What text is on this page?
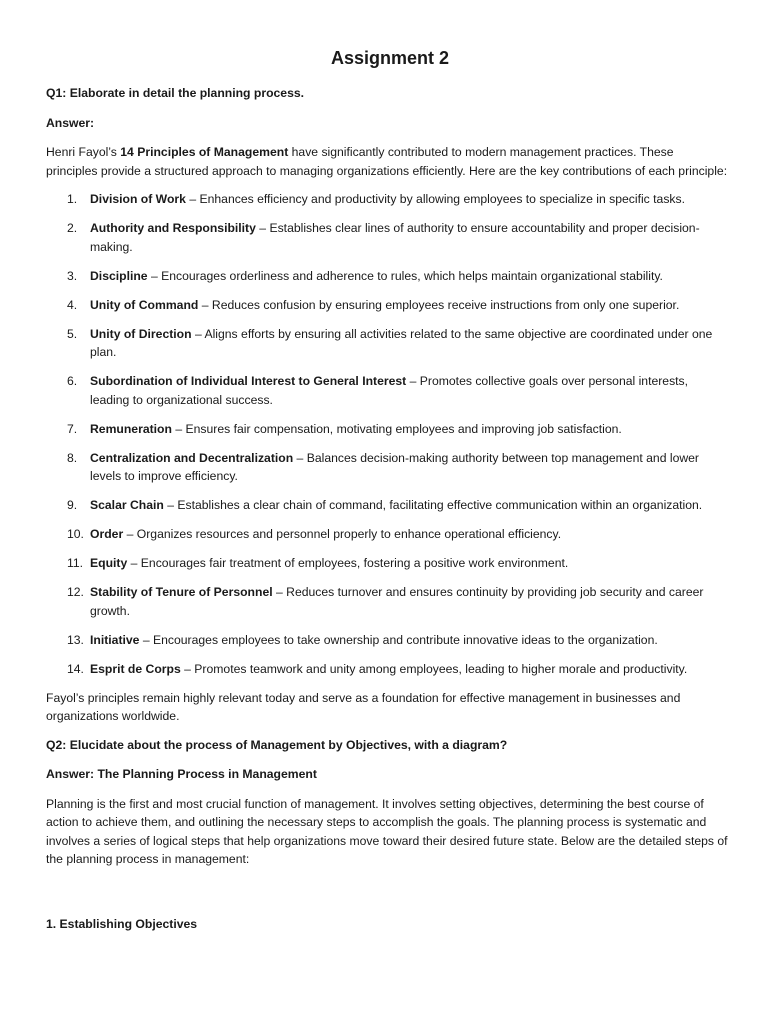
Assignment 2
Q1: Elaborate in detail the planning process.
Answer:
Henri Fayol’s 14 Principles of Management have significantly contributed to modern management practices. These principles provide a structured approach to managing organizations efficiently. Here are the key contributions of each principle:
1.	Division of Work – Enhances efficiency and productivity by allowing employees to specialize in specific tasks.
2.	Authority and Responsibility – Establishes clear lines of authority to ensure accountability and proper decision-making.
3.	Discipline – Encourages orderliness and adherence to rules, which helps maintain organizational stability.
4.	Unity of Command – Reduces confusion by ensuring employees receive instructions from only one superior.
5.	Unity of Direction – Aligns efforts by ensuring all activities related to the same objective are coordinated under one plan.
6.	Subordination of Individual Interest to General Interest – Promotes collective goals over personal interests, leading to organizational success.
7.	Remuneration – Ensures fair compensation, motivating employees and improving job satisfaction.
8.	Centralization and Decentralization – Balances decision-making authority between top management and lower levels to improve efficiency.
9.	Scalar Chain – Establishes a clear chain of command, facilitating effective communication within an organization.
10. Order – Organizes resources and personnel properly to enhance operational efficiency.
11. Equity – Encourages fair treatment of employees, fostering a positive work environment.
12. Stability of Tenure of Personnel – Reduces turnover and ensures continuity by providing job security and career growth.
13. Initiative – Encourages employees to take ownership and contribute innovative ideas to the organization.
14. Esprit de Corps – Promotes teamwork and unity among employees, leading to higher morale and productivity.
Fayol’s principles remain highly relevant today and serve as a foundation for effective management in businesses and organizations worldwide.
Q2: Elucidate about the process of Management by Objectives, with a diagram?
Answer: The Planning Process in Management
Planning is the first and most crucial function of management. It involves setting objectives, determining the best course of action to achieve them, and outlining the necessary steps to accomplish the goals. The planning process is systematic and involves a series of logical steps that help organizations move toward their desired future state. Below are the detailed steps of the planning process in management:
1. Establishing Objectives
